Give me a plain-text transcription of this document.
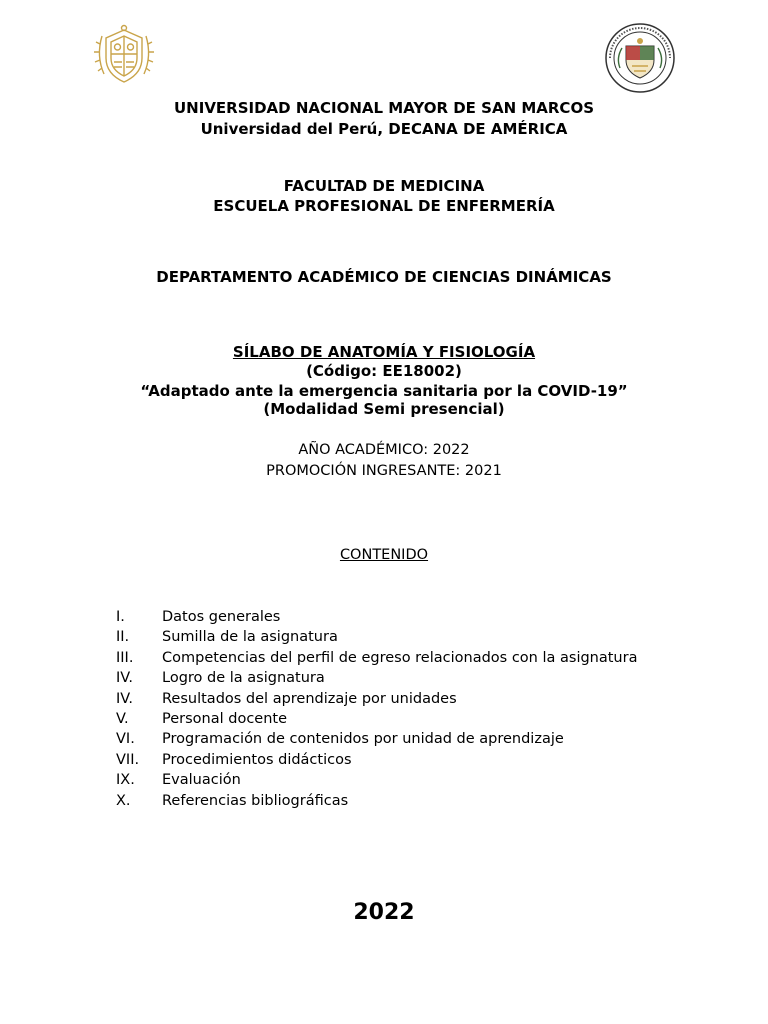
UNIVERSIDAD NACIONAL MAYOR DE SAN MARCOS
Universidad del Perú, DECANA DE AMÉRICA
FACULTAD DE MEDICINA
ESCUELA PROFESIONAL DE ENFERMERÍA
DEPARTAMENTO ACADÉMICO DE CIENCIAS DINÁMICAS
SÍLABO DE ANATOMÍA Y FISIOLOGÍA
(Código: EE18002)
“Adaptado ante la emergencia sanitaria por la COVID-19”
(Modalidad Semi presencial)
AÑO ACADÉMICO: 2022
PROMOCIÓN INGRESANTE: 2021
CONTENIDO
I.	Datos generales
II. Sumilla de la asignatura
III. Competencias del perfil de egreso relacionados con la asignatura
IV. Logro de la asignatura
IV. Resultados del aprendizaje por unidades
V. Personal docente
VI. Programación de contenidos por unidad de aprendizaje
VII. Procedimientos didácticos
IX. Evaluación
X. Referencias bibliográficas
2022
